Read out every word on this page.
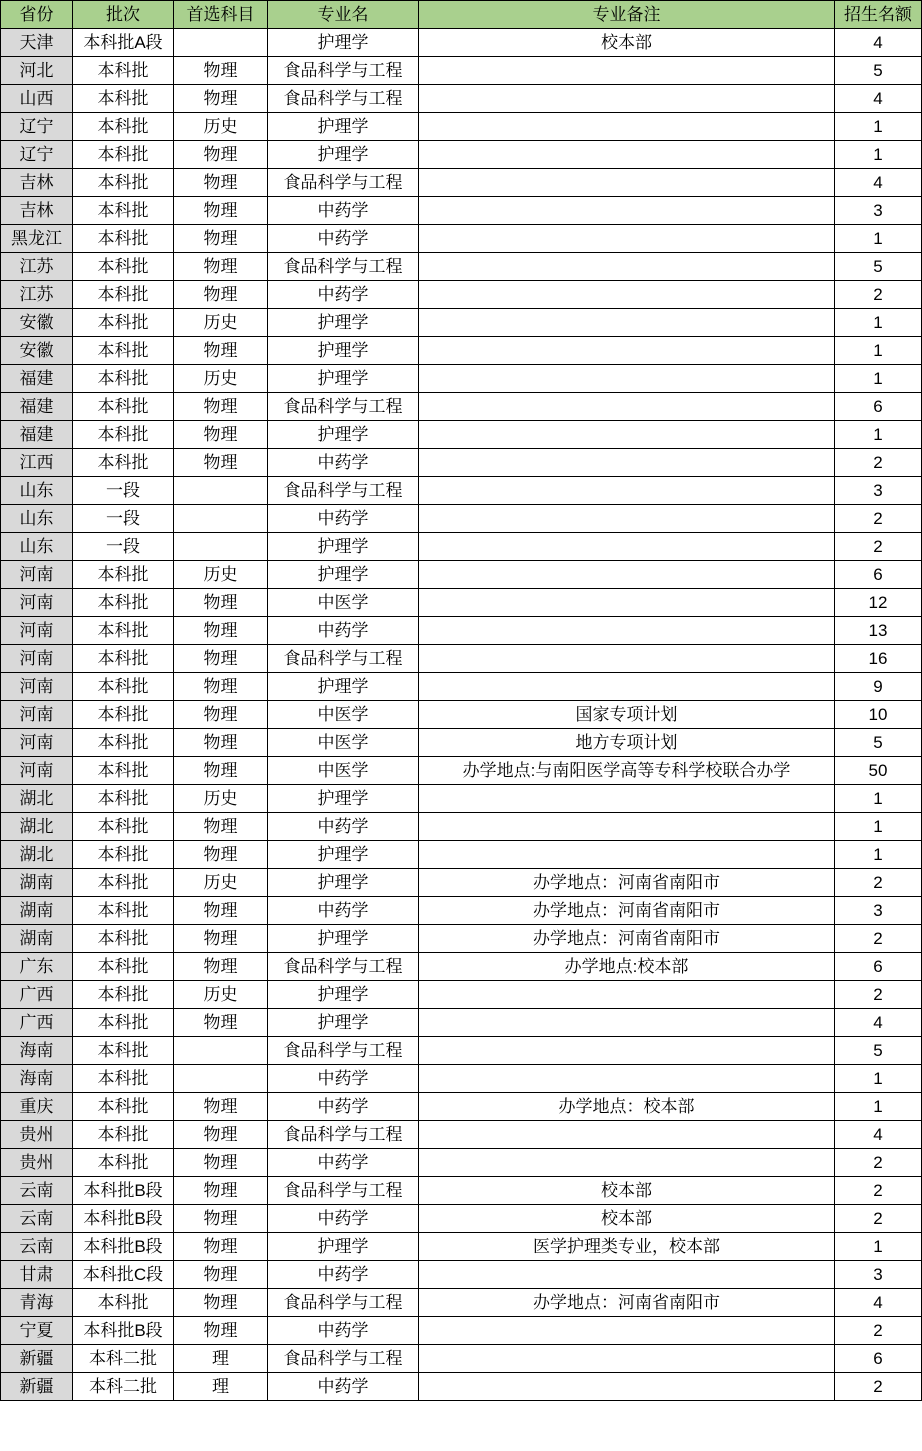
省份	批次	首选科目	专业名	专业备注	招生名额
天津	本科批A段		护理学	校本部	4
河北	本科批	物理	食品科学与工程		5
山西	本科批	物理	食品科学与工程		4
辽宁	本科批	历史	护理学		1
辽宁	本科批	物理	护理学		1
吉林	本科批	物理	食品科学与工程		4
吉林	本科批	物理	中药学		3
黑龙江	本科批	物理	中药学		1
江苏	本科批	物理	食品科学与工程		5
江苏	本科批	物理	中药学		2
安徽	本科批	历史	护理学		1
安徽	本科批	物理	护理学		1
福建	本科批	历史	护理学		1
福建	本科批	物理	食品科学与工程		6
福建	本科批	物理	护理学		1
江西	本科批	物理	中药学		2
山东	一段		食品科学与工程		3
山东	一段		中药学		2
山东	一段		护理学		2
河南	本科批	历史	护理学		6
河南	本科批	物理	中医学		12
河南	本科批	物理	中药学		13
河南	本科批	物理	食品科学与工程		16
河南	本科批	物理	护理学		9
河南	本科批	物理	中医学	国家专项计划	10
河南	本科批	物理	中医学	地方专项计划	5
河南	本科批	物理	中医学	办学地点:与南阳医学高等专科学校联合办学	50
湖北	本科批	历史	护理学		1
湖北	本科批	物理	中药学		1
湖北	本科批	物理	护理学		1
湖南	本科批	历史	护理学	办学地点：河南省南阳市	2
湖南	本科批	物理	中药学	办学地点：河南省南阳市	3
湖南	本科批	物理	护理学	办学地点：河南省南阳市	2
广东	本科批	物理	食品科学与工程	办学地点:校本部	6
广西	本科批	历史	护理学		2
广西	本科批	物理	护理学		4
海南	本科批		食品科学与工程		5
海南	本科批		中药学		1
重庆	本科批	物理	中药学	办学地点：校本部	1
贵州	本科批	物理	食品科学与工程		4
贵州	本科批	物理	中药学		2
云南	本科批B段	物理	食品科学与工程	校本部	2
云南	本科批B段	物理	中药学	校本部	2
云南	本科批B段	物理	护理学	医学护理类专业，校本部	1
甘肃	本科批C段	物理	中药学		3
青海	本科批	物理	食品科学与工程	办学地点：河南省南阳市	4
宁夏	本科批B段	物理	中药学		2
新疆	本科二批	理	食品科学与工程		6
新疆	本科二批	理	中药学		2
